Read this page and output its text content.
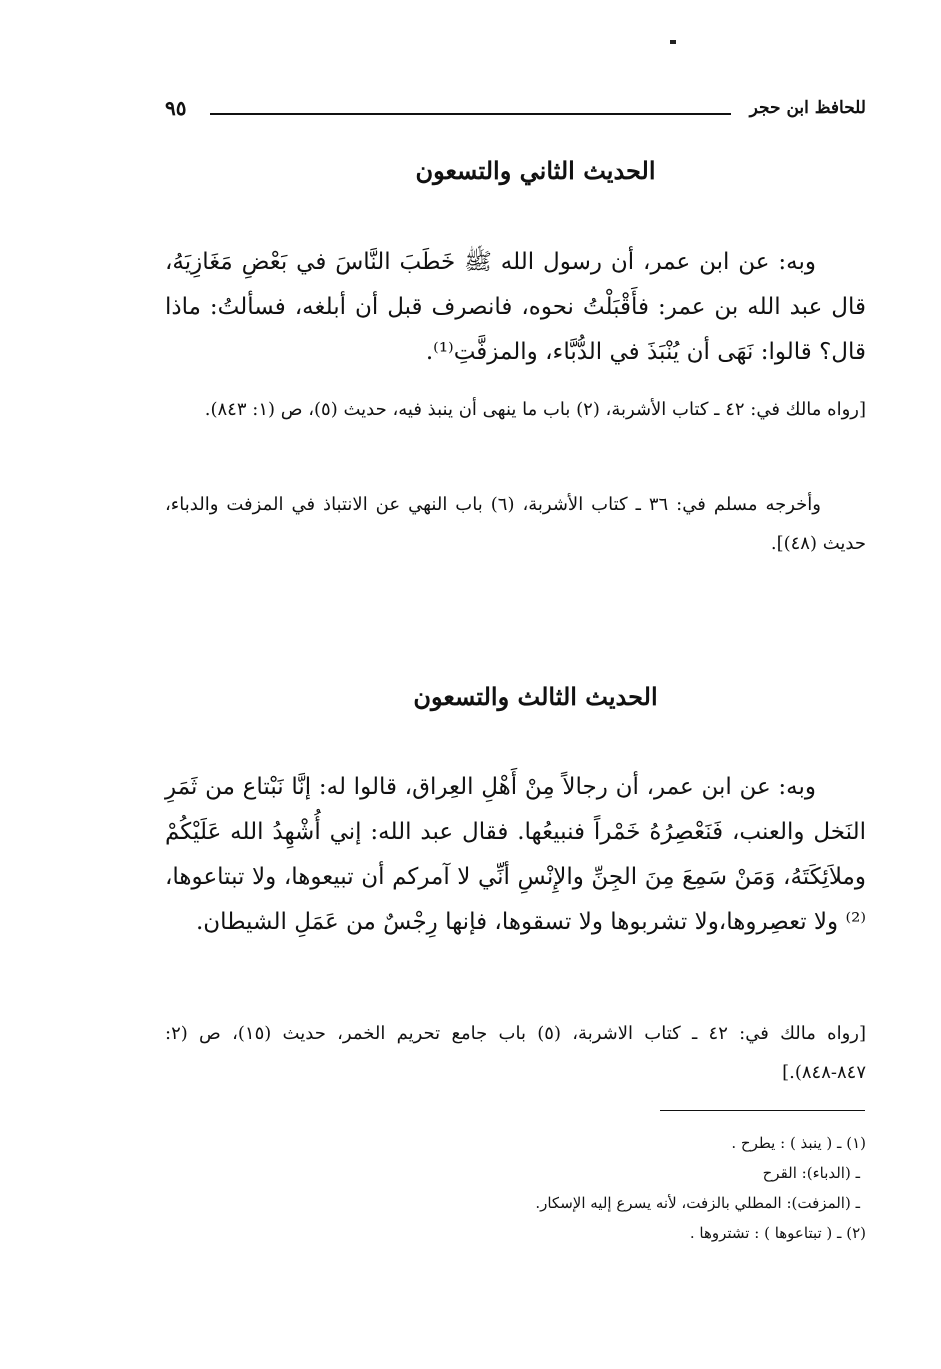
للحافظ ابن حجر
٩٥
الحديث الثاني والتسعون

وبه: عن ابن عمر، أن رسول الله ﷺ خَطَبَ النَّاسَ في بَعْضِ مَغَازِيَهُ، قال عبد الله بن عمر: فأَقْبَلْتُ نحوه، فانصرف قبل أن أبلغه، فسألتُ: ماذا قال؟ قالوا: نَهَى أن يُنْبَذَ في الدُّبَّاء، والمزفَّتِ⁽¹⁾.

[رواه مالك في: ٤٢ ـ كتاب الأشربة، (٢) باب ما ينهى أن ينبذ فيه، حديث (٥)، ص (١: ٨٤٣).

وأخرجه مسلم في: ٣٦ ـ كتاب الأشربة، (٦) باب النهي عن الانتباذ في المزفت والدباء، حديث (٤٨)].

الحديث الثالث والتسعون

وبه: عن ابن عمر، أن رجالاً مِنْ أَهْلِ العِراق، قالوا له: إنَّا نَبْتاع من ثَمَرِ النَخل والعنب، فَنَعْصِرُهُ خَمْراً فنبيعُها. فقال عبد الله: إني أُشْهِدُ الله عَلَيْكُمْ وملاَئِكَتَهُ، وَمَنْ سَمِعَ مِنَ الجِنِّ والإِنْسِ أنِّي لا آمركم أن تبيعوها، ولا تبتاعوها،⁽²⁾ ولا تعصِروها،ولا تشربوها ولا تسقوها، فإنها رِجْسٌ من عَمَلِ الشيطان.

[رواه مالك في: ٤٢ ـ كتاب الاشربة، (٥) باب جامع تحريم الخمر، حديث (١٥)، ص (٢: ٨٤٧-٨٤٨).]

(١) ـ ( ينبذ ) : يطرح .
ـ (الدباء): القرح
ـ (المزفت): المطلي بالزفت، لأنه يسرع إليه الإسكار.
(٢) ـ ( تبتاعوها ) : تشتروها .
